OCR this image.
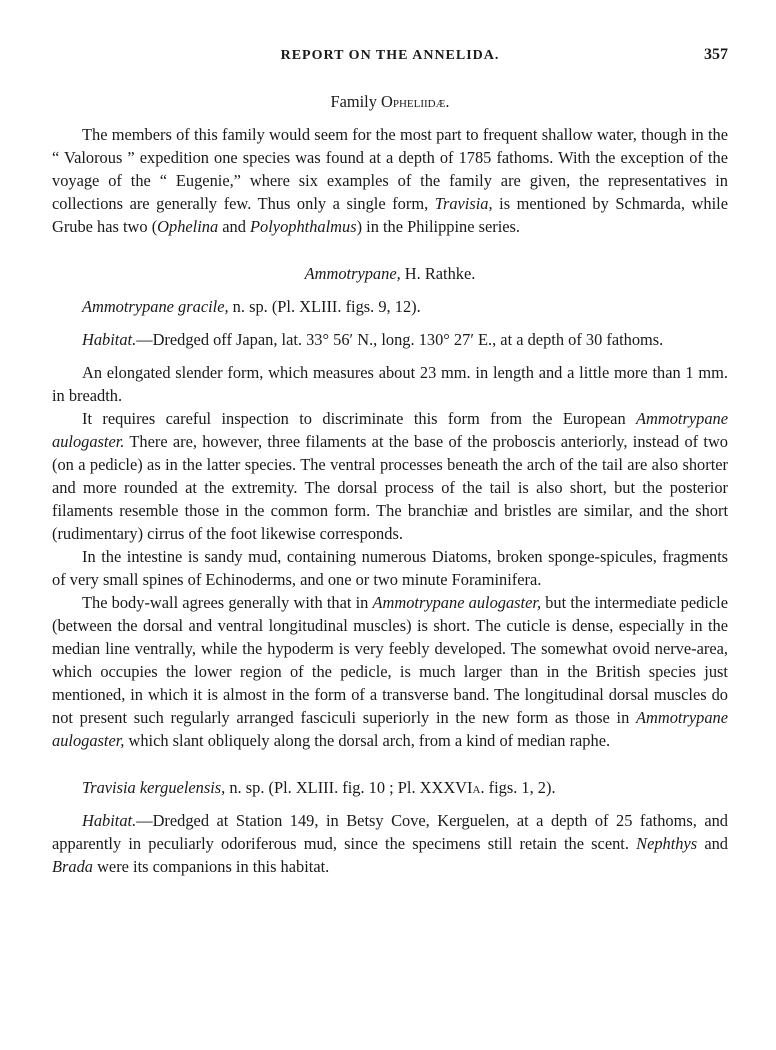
REPORT ON THE ANNELIDA.	357

Family Opheliidæ.

The members of this family would seem for the most part to frequent shallow water, though in the “ Valorous ” expedition one species was found at a depth of 1785 fathoms. With the exception of the voyage of the “ Eugenie,” where six examples of the family are given, the representatives in collections are generally few. Thus only a single form, Travisia, is mentioned by Schmarda, while Grube has two (Ophelina and Polyophthalmus) in the Philippine series.

Ammotrypane, H. Rathke.

Ammotrypane gracile, n. sp. (Pl. XLIII. figs. 9, 12).

Habitat.—Dredged off Japan, lat. 33° 56′ N., long. 130° 27′ E., at a depth of 30 fathoms.

An elongated slender form, which measures about 23 mm. in length and a little more than 1 mm. in breadth.

It requires careful inspection to discriminate this form from the European Ammotrypane aulogaster. There are, however, three filaments at the base of the proboscis anteriorly, instead of two (on a pedicle) as in the latter species. The ventral processes beneath the arch of the tail are also shorter and more rounded at the extremity. The dorsal process of the tail is also short, but the posterior filaments resemble those in the common form. The branchiæ and bristles are similar, and the short (rudimentary) cirrus of the foot likewise corresponds.

In the intestine is sandy mud, containing numerous Diatoms, broken sponge-spicules, fragments of very small spines of Echinoderms, and one or two minute Foraminifera.

The body-wall agrees generally with that in Ammotrypane aulogaster, but the intermediate pedicle (between the dorsal and ventral longitudinal muscles) is short. The cuticle is dense, especially in the median line ventrally, while the hypoderm is very feebly developed. The somewhat ovoid nerve-area, which occupies the lower region of the pedicle, is much larger than in the British species just mentioned, in which it is almost in the form of a transverse band. The longitudinal dorsal muscles do not present such regularly arranged fasciculi superiorly in the new form as those in Ammotrypane aulogaster, which slant obliquely along the dorsal arch, from a kind of median raphe.

Travisia kerguelensis, n. sp. (Pl. XLIII. fig. 10 ; Pl. XXXVIa. figs. 1, 2).

Habitat.—Dredged at Station 149, in Betsy Cove, Kerguelen, at a depth of 25 fathoms, and apparently in peculiarly odoriferous mud, since the specimens still retain the scent. Nephthys and Brada were its companions in this habitat.
